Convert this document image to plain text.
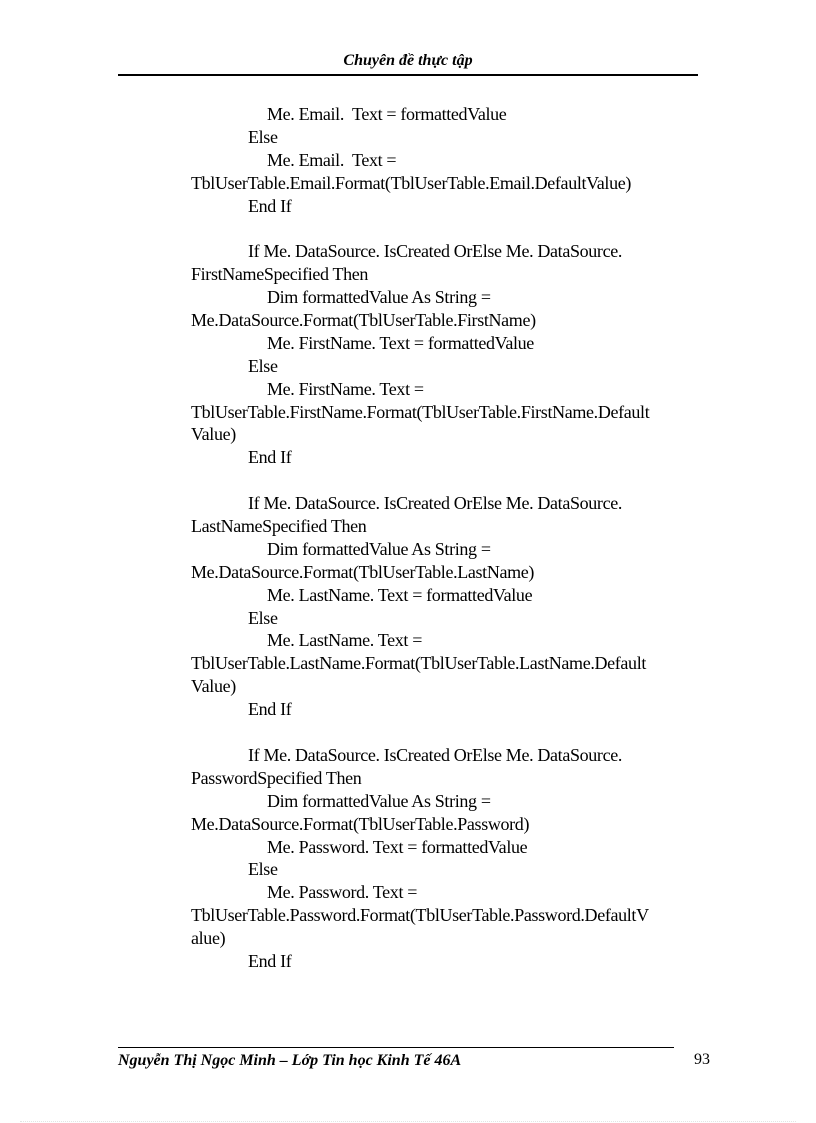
Chuyên đề thực tập
Me. Email.  Text = formattedValue
Else
Me. Email.  Text =
TblUserTable.Email.Format(TblUserTable.Email.DefaultValue)
End If
If Me. DataSource. IsCreated OrElse Me. DataSource.
FirstNameSpecified Then
Dim formattedValue As String =
Me.DataSource.Format(TblUserTable.FirstName)
Me. FirstName. Text = formattedValue
Else
Me. FirstName. Text =
TblUserTable.FirstName.Format(TblUserTable.FirstName.Default
Value)
End If
If Me. DataSource. IsCreated OrElse Me. DataSource.
LastNameSpecified Then
Dim formattedValue As String =
Me.DataSource.Format(TblUserTable.LastName)
Me. LastName. Text = formattedValue
Else
Me. LastName. Text =
TblUserTable.LastName.Format(TblUserTable.LastName.Default
Value)
End If
If Me. DataSource. IsCreated OrElse Me. DataSource.
PasswordSpecified Then
Dim formattedValue As String =
Me.DataSource.Format(TblUserTable.Password)
Me. Password. Text = formattedValue
Else
Me. Password. Text =
TblUserTable.Password.Format(TblUserTable.Password.DefaultV
alue)
End If
Nguyễn Thị Ngọc Minh – Lớp Tin học Kinh Tế 46A	93
